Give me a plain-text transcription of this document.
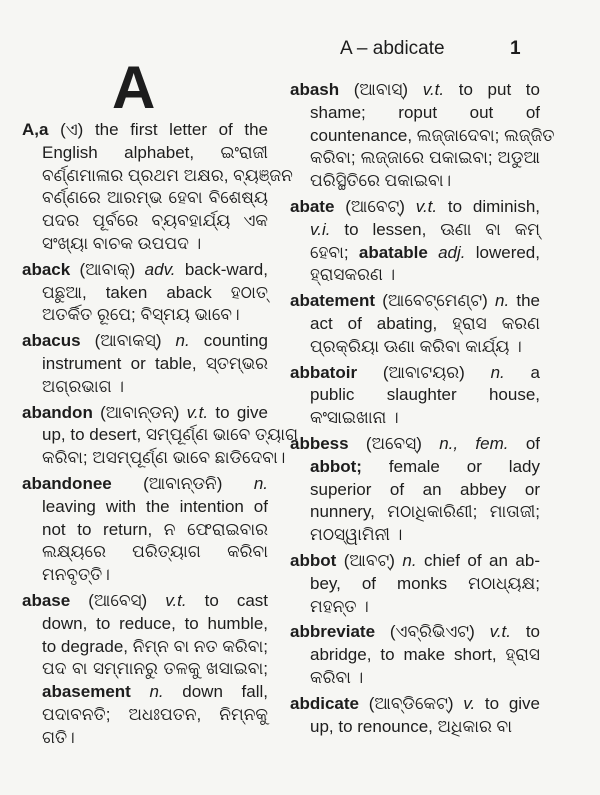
A – abdicate	1
A
A,a (ଏ) the first letter of the
English alphabet, ଇଂରାଜୀ
ବର୍ଣ୍ଣମାଳାର ପ୍ରଥମ ଅକ୍ଷର, ବ୍ୟଞ୍ଜନ
ବର୍ଣ୍ଣରେ ଆରମ୍ଭ ହେବା ବିଶେଷ୍ୟ
ପଦର ପୂର୍ବରେ ବ୍ୟବହାର୍ଯ୍ୟ ଏକ
ସଂଖ୍ୟା ବାଚକ ଉପପଦ ।
aback (ଆବାକ୍) adv. back-ward,
ପଛୁଆ, taken aback ହଠାତ୍
ଅତର୍କିତ ରୂପେ; ବିସ୍ମୟ ଭାବେ।
abacus (ଆବାକସ୍) n. counting
instrument or table, ସ୍ତମ୍ଭର
ଅଗ୍ରଭାଗ ।
abandon (ଆବାନ୍‌ଡନ୍) v.t. to give
up, to desert, ସମ୍ପୂର୍ଣ୍ଣ ଭାବେ ତ୍ୟାଗ
କରିବା; ଅସମ୍ପୂର୍ଣ୍ଣ ଭାବେ ଛାଡିଦେବା।
abandonee (ଆବାନ୍‌ଡନି) n.
leaving with the intention of
not to return, ନ ଫେରାଇବାର
ଲକ୍ଷ୍ୟରେ ପରିତ୍ୟାଗ କରିବା
ମନବୃତ୍ତି।
abase (ଆବେସ୍) v.t. to cast
down, to reduce, to humble,
to degrade, ନିମ୍ନ ବା ନତ କରିବା;
ପଦ ବା ସମ୍ମାନରୁ ତଳକୁ ଖସାଇବା;
abasement n. down fall,
ପଦାବନତି; ଅଧଃପତନ, ନିମ୍ନକୁ
ଗତି।
abash (ଆବାସ୍) v.t. to put to
shame; roput out of
countenance, ଲଜ୍ଜାଦେବା; ଲଜ୍ଜିତ
କରିବା; ଲଜ୍ଜାରେ ପକାଇବା; ଅଡୁଆ
ପରିସ୍ଥିତିରେ ପକାଇବା।
abate (ଆବେଟ୍) v.t. to diminish,
v.i. to lessen, ଊଣା ବା କମ୍
ହେବା; abatable adj. lowered,
ହ୍ରାସକରଣ ।
abatement (ଆବେଟ୍‌ମେଣ୍ଟ) n. the
act of abating, ହ୍ରାସ କରଣ
ପ୍ରକ୍ରିୟା ଊଣା କରିବା କାର୍ଯ୍ୟ ।
abbatoir (ଆବାଟୟର) n. a
public slaughter house,
କଂସାଇଖାନା ।
abbess (ଅବେସ୍) n., fem. of
abbot; female or lady
superior of an abbey or
nunnery, ମଠାଧିକାରିଣୀ; ମାତାଜୀ;
ମଠସ୍ୱାମିନୀ ।
abbot (ଆବଟ୍) n. chief of an ab-
bey, of monks ମଠାଧ୍ୟକ୍ଷ;
ମହନ୍ତ ।
abbreviate (ଏବ୍ରିଭିଏଟ୍) v.t. to
abridge, to make short, ହ୍ରାସ
କରିବା ।
abdicate (ଆବ୍‌ଡିକେଟ୍) v. to give
up, to renounce, ଅଧିକାର ବା
